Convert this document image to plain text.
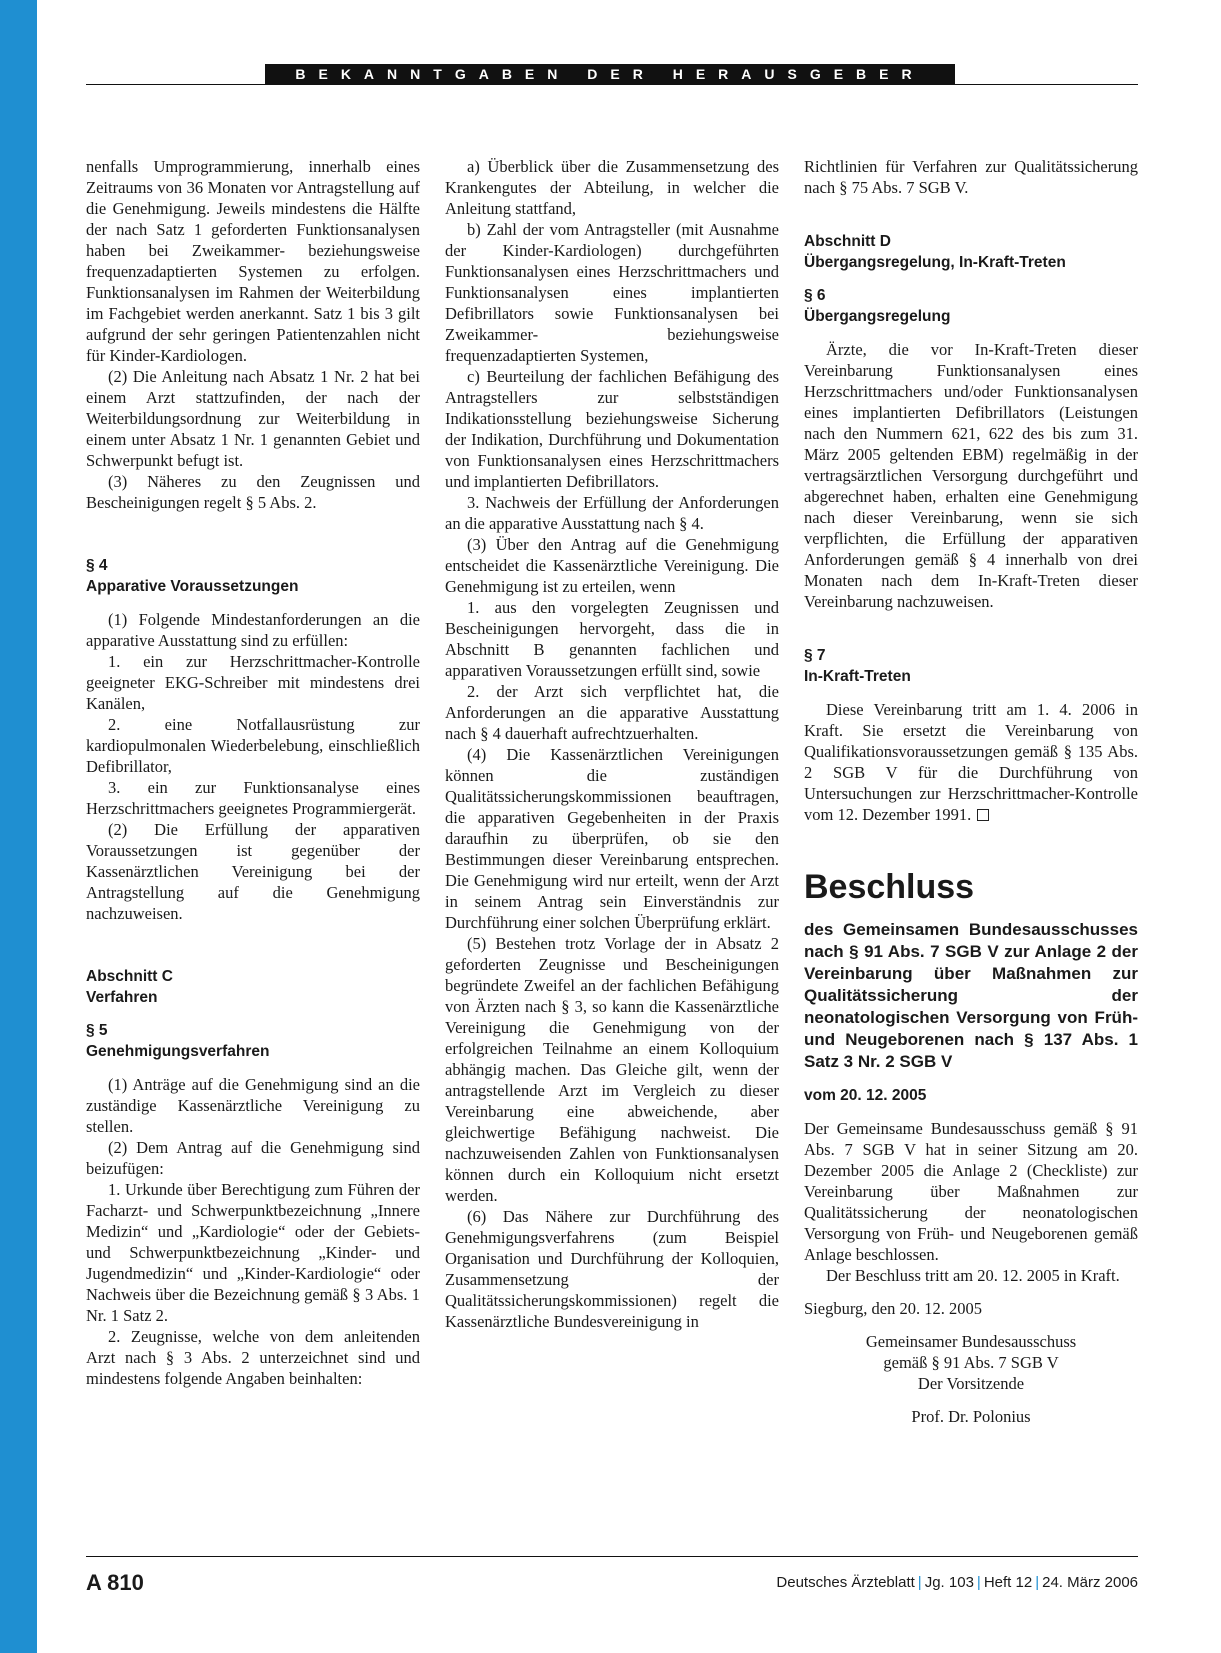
BEKANNTGABEN DER HERAUSGEBER

nenfalls Umprogrammierung, innerhalb eines Zeitraums von 36 Monaten vor Antragstellung auf die Genehmigung. Jeweils mindestens die Hälfte der nach Satz 1 geforderten Funktionsanalysen haben bei Zweikammer- beziehungsweise frequenzadaptierten Systemen zu erfolgen. Funktionsanalysen im Rahmen der Weiterbildung im Fachgebiet werden anerkannt. Satz 1 bis 3 gilt aufgrund der sehr geringen Patientenzahlen nicht für Kinder-Kardiologen.

(2) Die Anleitung nach Absatz 1 Nr. 2 hat bei einem Arzt stattzufinden, der nach der Weiterbildungsordnung zur Weiterbildung in einem unter Absatz 1 Nr. 1 genannten Gebiet und Schwerpunkt befugt ist.

(3) Näheres zu den Zeugnissen und Bescheinigungen regelt § 5 Abs. 2.

§ 4

Apparative Voraussetzungen

(1) Folgende Mindestanforderungen an die apparative Ausstattung sind zu erfüllen:

1. ein zur Herzschrittmacher-Kontrolle geeigneter EKG-Schreiber mit mindestens drei Kanälen,

2. eine Notfallausrüstung zur kardiopulmonalen Wiederbelebung, einschließlich Defibrillator,

3. ein zur Funktionsanalyse eines Herzschrittmachers geeignetes Programmiergerät.

(2) Die Erfüllung der apparativen Voraussetzungen ist gegenüber der Kassenärztlichen Vereinigung bei der Antragstellung auf die Genehmigung nachzuweisen.

Abschnitt C

Verfahren

§ 5

Genehmigungsverfahren

(1) Anträge auf die Genehmigung sind an die zuständige Kassenärztliche Vereinigung zu stellen.

(2) Dem Antrag auf die Genehmigung sind beizufügen:

1. Urkunde über Berechtigung zum Führen der Facharzt- und Schwerpunktbezeichnung „Innere Medizin“ und „Kardiologie“ oder der Gebiets- und Schwerpunktbezeichnung „Kinder- und Jugendmedizin“ und „Kinder-Kardiologie“ oder Nachweis über die Bezeichnung gemäß § 3 Abs. 1 Nr. 1 Satz 2.

2. Zeugnisse, welche von dem anleitenden Arzt nach § 3 Abs. 2 unterzeichnet sind und mindestens folgende Angaben beinhalten:

a) Überblick über die Zusammensetzung des Krankengutes der Abteilung, in welcher die Anleitung stattfand,

b) Zahl der vom Antragsteller (mit Ausnahme der Kinder-Kardiologen) durchgeführten Funktionsanalysen eines Herzschrittmachers und Funktionsanalysen eines implantierten Defibrillators sowie Funktionsanalysen bei Zweikammer- beziehungsweise frequenzadaptierten Systemen,

c) Beurteilung der fachlichen Befähigung des Antragstellers zur selbstständigen Indikationsstellung beziehungsweise Sicherung der Indikation, Durchführung und Dokumentation von Funktionsanalysen eines Herzschrittmachers und implantierten Defibrillators.

3. Nachweis der Erfüllung der Anforderungen an die apparative Ausstattung nach § 4.

(3) Über den Antrag auf die Genehmigung entscheidet die Kassenärztliche Vereinigung. Die Genehmigung ist zu erteilen, wenn

1. aus den vorgelegten Zeugnissen und Bescheinigungen hervorgeht, dass die in Abschnitt B genannten fachlichen und apparativen Voraussetzungen erfüllt sind, sowie

2. der Arzt sich verpflichtet hat, die Anforderungen an die apparative Ausstattung nach § 4 dauerhaft aufrechtzuerhalten.

(4) Die Kassenärztlichen Vereinigungen können die zuständigen Qualitätssicherungskommissionen beauftragen, die apparativen Gegebenheiten in der Praxis daraufhin zu überprüfen, ob sie den Bestimmungen dieser Vereinbarung entsprechen. Die Genehmigung wird nur erteilt, wenn der Arzt in seinem Antrag sein Einverständnis zur Durchführung einer solchen Überprüfung erklärt.

(5) Bestehen trotz Vorlage der in Absatz 2 geforderten Zeugnisse und Bescheinigungen begründete Zweifel an der fachlichen Befähigung von Ärzten nach § 3, so kann die Kassenärztliche Vereinigung die Genehmigung von der erfolgreichen Teilnahme an einem Kolloquium abhängig machen. Das Gleiche gilt, wenn der antragstellende Arzt im Vergleich zu dieser Vereinbarung eine abweichende, aber gleichwertige Befähigung nachweist. Die nachzuweisenden Zahlen von Funktionsanalysen können durch ein Kolloquium nicht ersetzt werden.

(6) Das Nähere zur Durchführung des Genehmigungsverfahrens (zum Beispiel Organisation und Durchführung der Kolloquien, Zusammensetzung der Qualitätssicherungskommissionen) regelt die Kassenärztliche Bundesvereinigung in

Richtlinien für Verfahren zur Qualitätssicherung nach § 75 Abs. 7 SGB V.

Abschnitt D

Übergangsregelung, In-Kraft-Treten

§ 6

Übergangsregelung

Ärzte, die vor In-Kraft-Treten dieser Vereinbarung Funktionsanalysen eines Herzschrittmachers und/oder Funktionsanalysen eines implantierten Defibrillators (Leistungen nach den Nummern 621, 622 des bis zum 31. März 2005 geltenden EBM) regelmäßig in der vertragsärztlichen Versorgung durchgeführt und abgerechnet haben, erhalten eine Genehmigung nach dieser Vereinbarung, wenn sie sich verpflichten, die Erfüllung der apparativen Anforderungen gemäß § 4 innerhalb von drei Monaten nach dem In-Kraft-Treten dieser Vereinbarung nachzuweisen.

§ 7

In-Kraft-Treten

Diese Vereinbarung tritt am 1. 4. 2006 in Kraft. Sie ersetzt die Vereinbarung von Qualifikationsvoraussetzungen gemäß § 135 Abs. 2 SGB V für die Durchführung von Untersuchungen zur Herzschrittmacher-Kontrolle vom 12. Dezember 1991.

Beschluss

des Gemeinsamen Bundesausschusses nach § 91 Abs. 7 SGB V zur Anlage 2 der Vereinbarung über Maßnahmen zur Qualitätssicherung der neonatologischen Versorgung von Früh- und Neugeborenen nach § 137 Abs. 1 Satz 3 Nr. 2 SGB V

vom 20. 12. 2005

Der Gemeinsame Bundesausschuss gemäß § 91 Abs. 7 SGB V hat in seiner Sitzung am 20. Dezember 2005 die Anlage 2 (Checkliste) zur Vereinbarung über Maßnahmen zur Qualitätssicherung der neonatologischen Versorgung von Früh- und Neugeborenen gemäß Anlage beschlossen.

Der Beschluss tritt am 20. 12. 2005 in Kraft.

Siegburg, den 20. 12. 2005

Gemeinsamer Bundesausschuss

gemäß § 91 Abs. 7 SGB V

Der Vorsitzende

Prof. Dr. Polonius

A 810	Deutsches Ärzteblatt | Jg. 103 | Heft 12 | 24. März 2006
